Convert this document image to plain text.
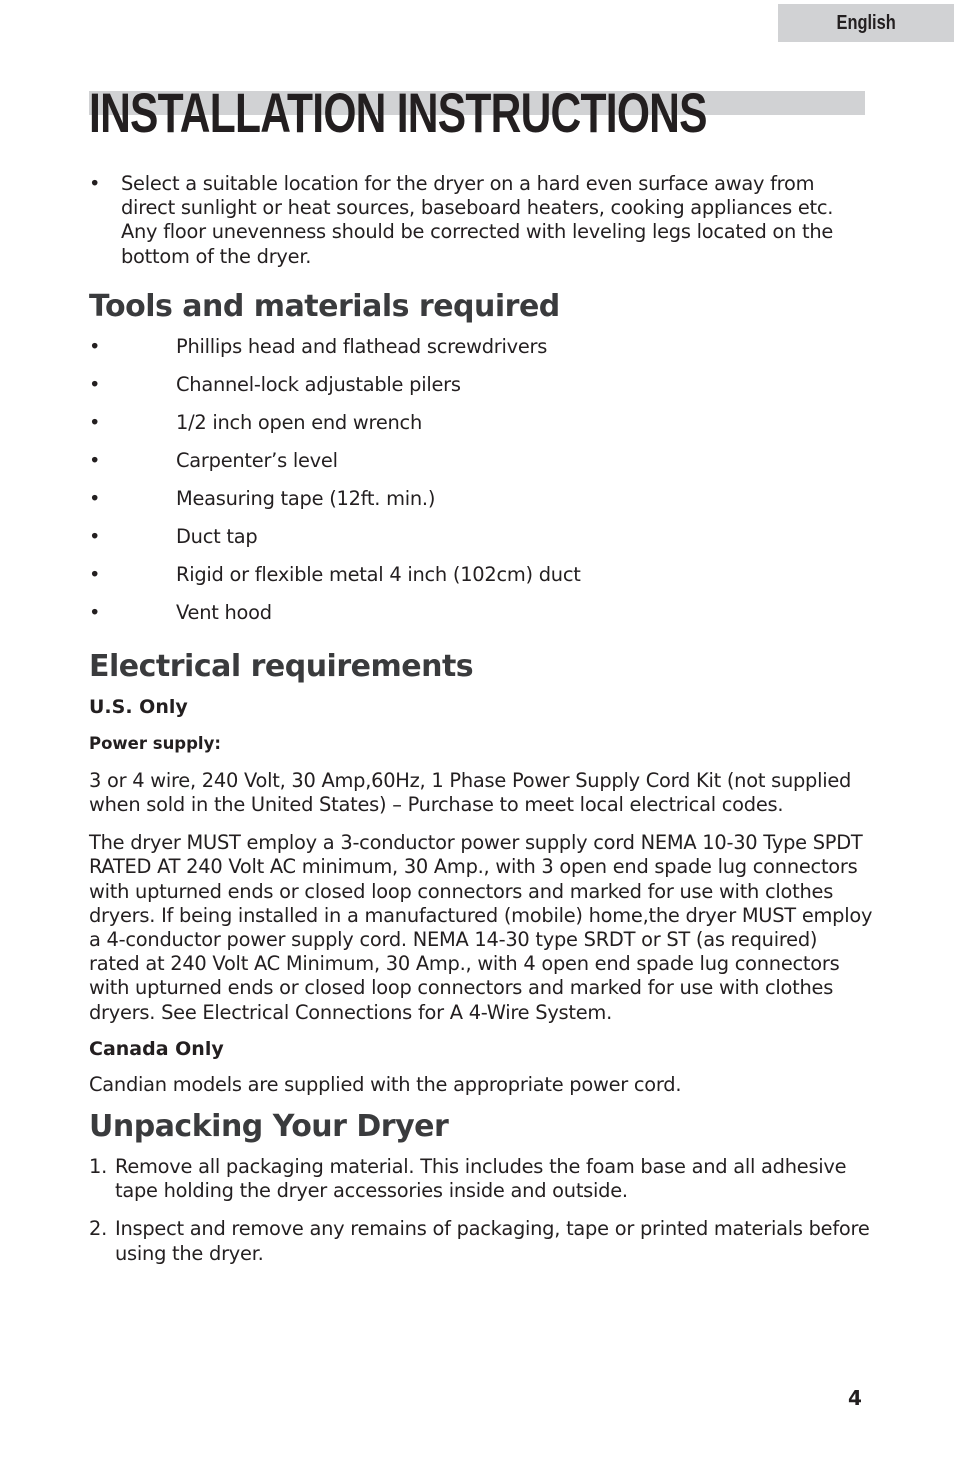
English
INSTALLATION INSTRUCTIONS
•	Select a suitable location for the dryer on a hard even surface away from direct sunlight or heat sources, baseboard heaters, cooking appliances etc. Any floor unevenness should be corrected with leveling legs located on the bottom of the dryer.
Tools and materials required
•	Phillips head and flathead screwdrivers
•	Channel-lock adjustable pilers
•	1/2 inch open end wrench
•	Carpenter’s level
•	Measuring tape (12ft. min.)
•	Duct tap
•	Rigid or flexible metal 4 inch (102cm) duct
•	Vent hood
Electrical requirements
U.S. Only
Power supply:

3 or 4 wire, 240 Volt, 30 Amp,60Hz, 1 Phase Power Supply Cord Kit (not supplied when sold in the United States) – Purchase to meet local electrical codes.

The dryer MUST employ a 3-conductor power supply cord NEMA 10-30 Type SPDT RATED AT 240 Volt AC minimum, 30 Amp., with 3 open end spade lug connectors with upturned ends or closed loop connectors and marked for use with clothes dryers. If being installed in a manufactured (mobile) home,the dryer MUST employ a 4-conductor power supply cord. NEMA 14-30 type SRDT or ST (as required) rated at 240 Volt AC Minimum, 30 Amp., with 4 open end spade lug connectors with upturned ends or closed loop connectors and marked for use with clothes dryers. See Electrical Connections for A 4-Wire System.

Canada Only

Candian models are supplied with the appropriate power cord.

Unpacking Your Dryer
1. Remove all packaging material. This includes the foam base and all adhesive tape holding the dryer accessories inside and outside.
2. Inspect and remove any remains of packaging, tape or printed materials before using the dryer.
4
